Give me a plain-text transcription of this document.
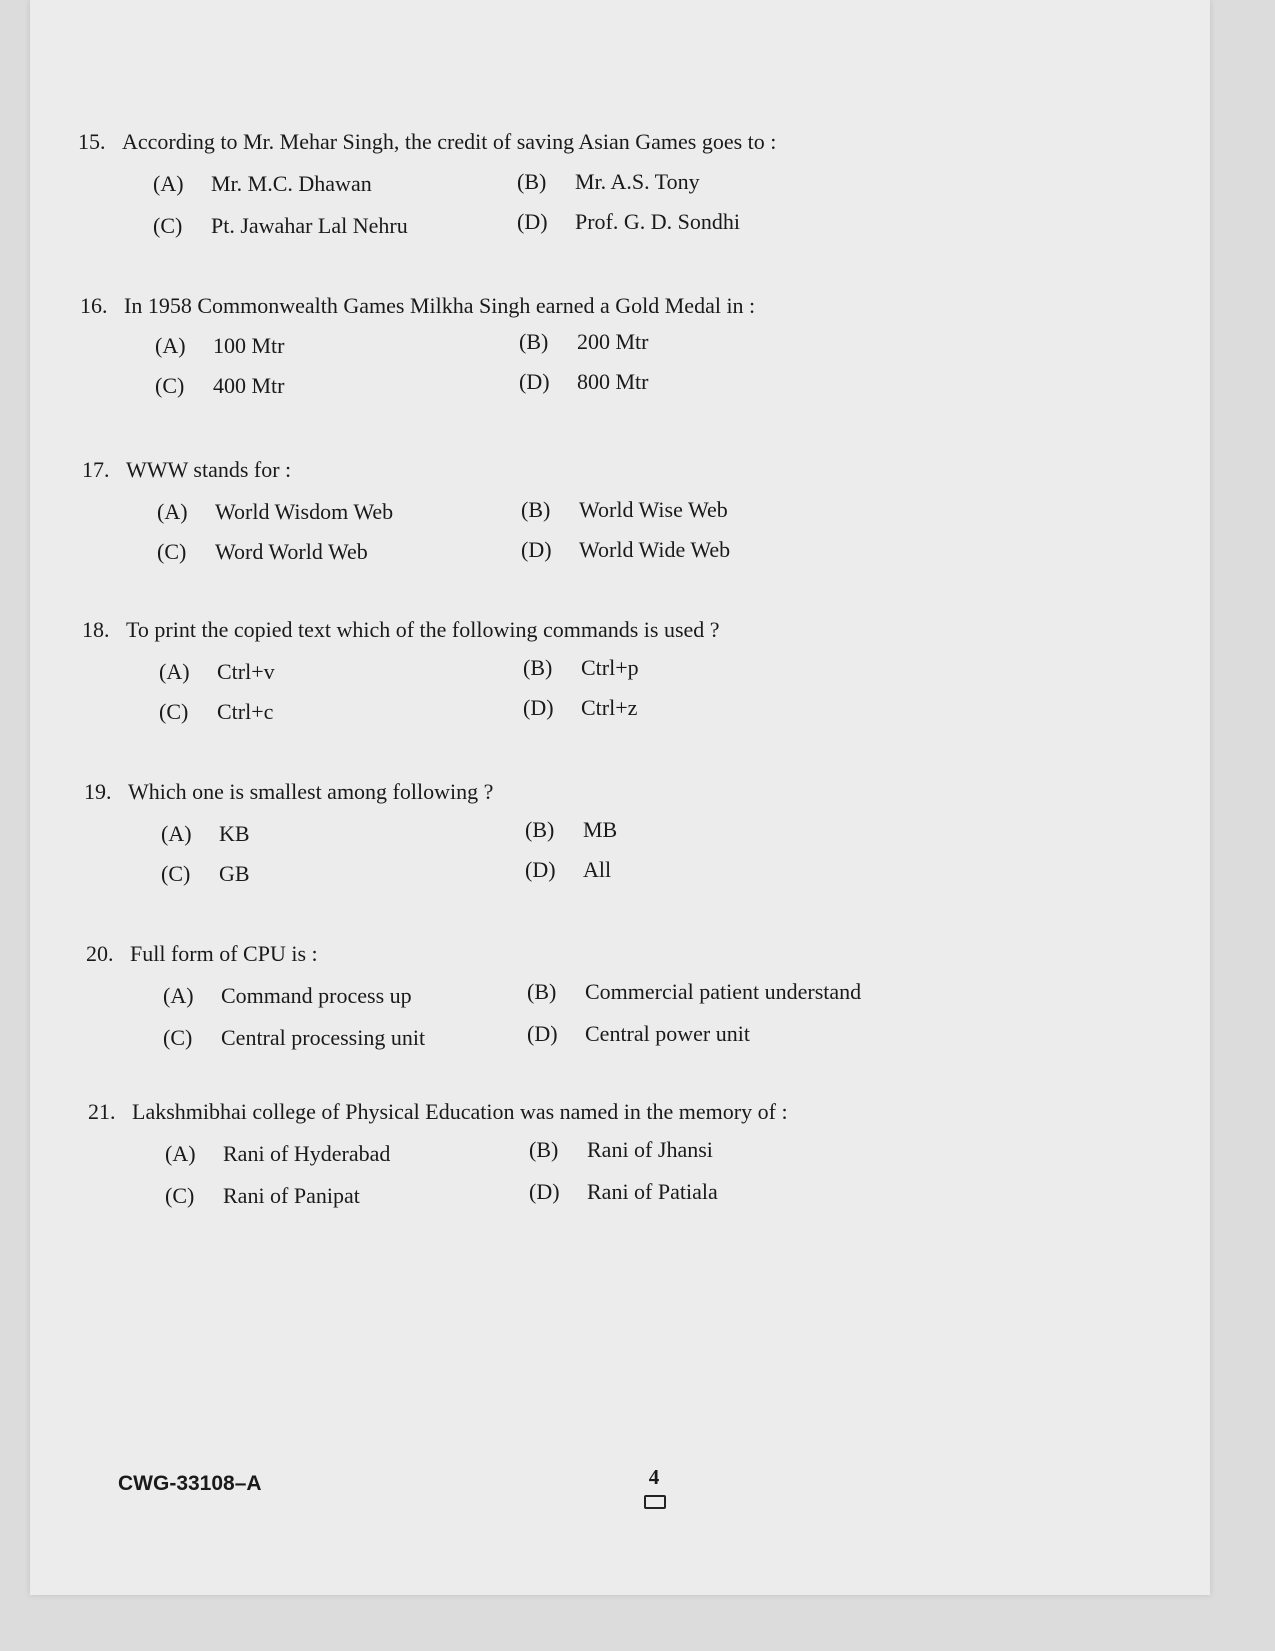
15. According to Mr. Mehar Singh, the credit of saving Asian Games goes to :
(A) Mr. M.C. Dhawan	(B) Mr. A.S. Tony
(C) Pt. Jawahar Lal Nehru	(D) Prof. G. D. Sondhi
16. In 1958 Commonwealth Games Milkha Singh earned a Gold Medal in :
(A) 100 Mtr	(B) 200 Mtr
(C) 400 Mtr	(D) 800 Mtr
17. WWW stands for :
(A) World Wisdom Web	(B) World Wise Web
(C) Word World Web	(D) World Wide Web
18. To print the copied text which of the following commands is used ?
(A) Ctrl+v	(B) Ctrl+p
(C) Ctrl+c	(D) Ctrl+z
19. Which one is smallest among following ?
(A) KB	(B) MB
(C) GB	(D) All
20. Full form of CPU is :
(A) Command process up	(B) Commercial patient understand
(C) Central processing unit	(D) Central power unit
21. Lakshmibhai college of Physical Education was named in the memory of :
(A) Rani of Hyderabad	(B) Rani of Jhansi
(C) Rani of Panipat	(D) Rani of Patiala
CWG-33108–A	4
